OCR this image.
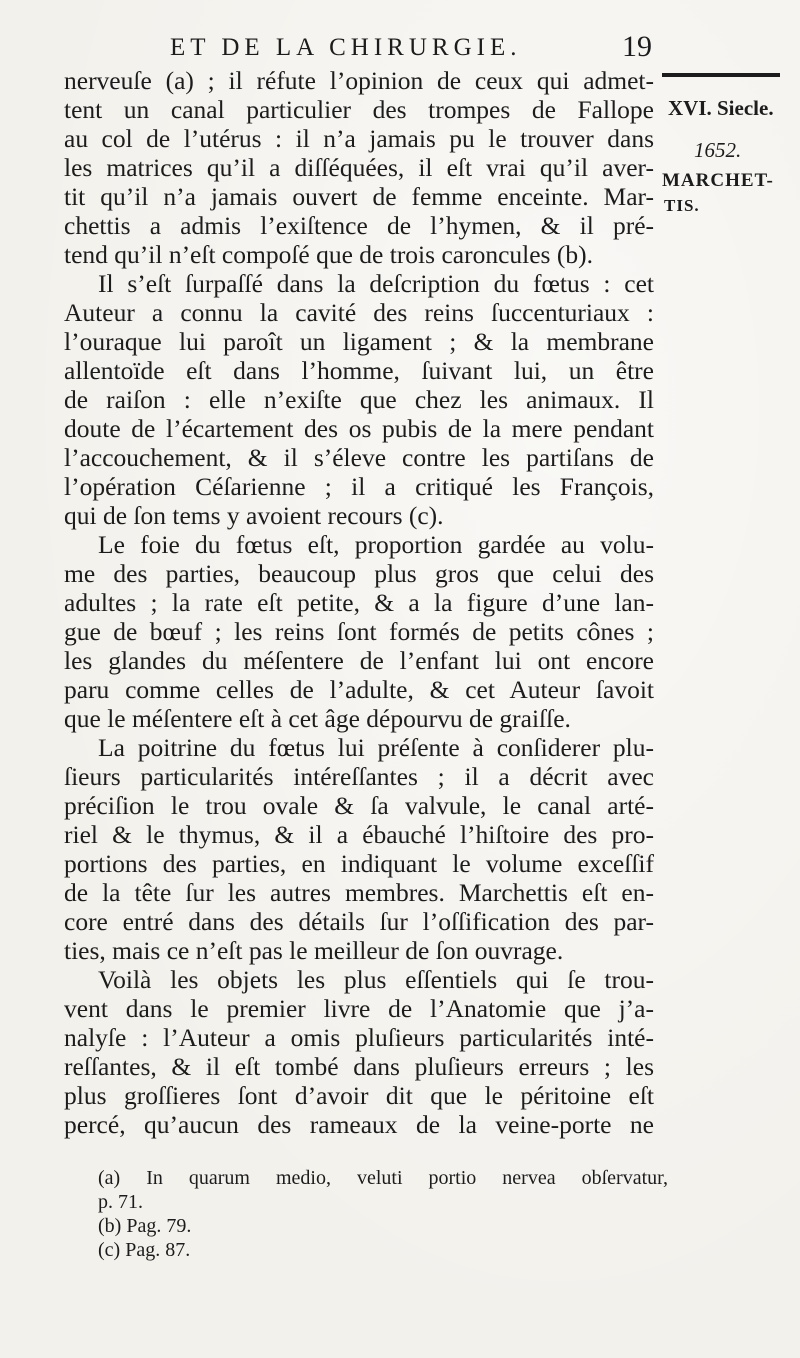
ET DE LA CHIRURGIE.	19
XVI. Siecle.
1652.
MARCHET-
TIS.
nerveuſe (a) ; il réfute l’opinion de ceux qui admet-
tent un canal particulier des trompes de Fallope
au col de l’utérus : il n’a jamais pu le trouver dans
les matrices qu’il a diſſéquées, il eſt vrai qu’il aver-
tit qu’il n’a jamais ouvert de femme enceinte. Mar-
chettis a admis l’exiſtence de l’hymen, & il pré-
tend qu’il n’eſt compoſé que de trois caroncules (b).
Il s’eſt ſurpaſſé dans la deſcription du fœtus : cet
Auteur a connu la cavité des reins ſuccenturiaux :
l’ouraque lui paroît un ligament ; & la membrane
allentoïde eſt dans l’homme, ſuivant lui, un être
de raiſon : elle n’exiſte que chez les animaux. Il
doute de l’écartement des os pubis de la mere pendant
l’accouchement, & il s’éleve contre les partiſans de
l’opération Céſarienne ; il a critiqué les François,
qui de ſon tems y avoient recours (c).
Le foie du fœtus eſt, proportion gardée au volu-
me des parties, beaucoup plus gros que celui des
adultes ; la rate eſt petite, & a la figure d’une lan-
gue de bœuf ; les reins ſont formés de petits cônes ;
les glandes du méſentere de l’enfant lui ont encore
paru comme celles de l’adulte, & cet Auteur ſavoit
que le méſentere eſt à cet âge dépourvu de graiſſe.
La poitrine du fœtus lui préſente à conſiderer plu-
ſieurs particularités intéreſſantes ; il a décrit avec
préciſion le trou ovale & ſa valvule, le canal arté-
riel & le thymus, & il a ébauché l’hiſtoire des pro-
portions des parties, en indiquant le volume exceſſif
de la tête ſur les autres membres. Marchettis eſt en-
core entré dans des détails ſur l’oſſification des par-
ties, mais ce n’eſt pas le meilleur de ſon ouvrage.
Voilà les objets les plus eſſentiels qui ſe trou-
vent dans le premier livre de l’Anatomie que j’a-
nalyſe : l’Auteur a omis pluſieurs particularités inté-
reſſantes, & il eſt tombé dans pluſieurs erreurs ; les
plus groſſieres ſont d’avoir dit que le péritoine eſt
percé, qu’aucun des rameaux de la veine-porte ne
(a) In quarum medio, veluti portio nervea obſervatur,
p. 71.
(b) Pag. 79.
(c) Pag. 87.
